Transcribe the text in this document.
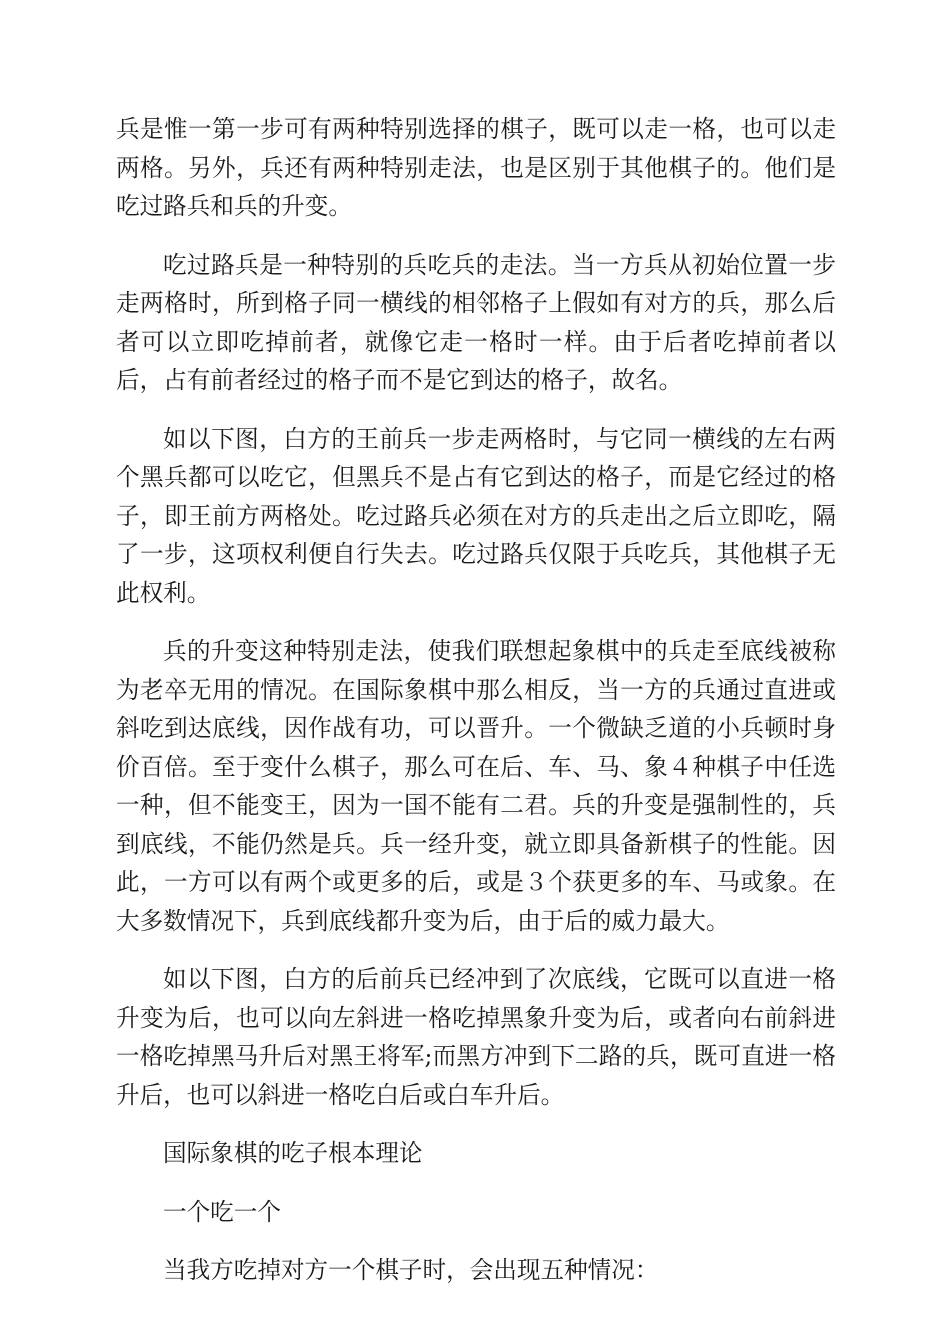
兵是惟一第一步可有两种特别选择的棋子，既可以走一格，也可以走两格。另外，兵还有两种特别走法，也是区别于其他棋子的。他们是吃过路兵和兵的升变。

吃过路兵是一种特别的兵吃兵的走法。当一方兵从初始位置一步走两格时，所到格子同一横线的相邻格子上假如有对方的兵，那么后者可以立即吃掉前者，就像它走一格时一样。由于后者吃掉前者以后，占有前者经过的格子而不是它到达的格子，故名。

如以下图，白方的王前兵一步走两格时，与它同一横线的左右两个黑兵都可以吃它，但黑兵不是占有它到达的格子，而是它经过的格子，即王前方两格处。吃过路兵必须在对方的兵走出之后立即吃，隔了一步，这项权利便自行失去。吃过路兵仅限于兵吃兵，其他棋子无此权利。

兵的升变这种特别走法，使我们联想起象棋中的兵走至底线被称为老卒无用的情况。在国际象棋中那么相反，当一方的兵通过直进或斜吃到达底线，因作战有功，可以晋升。一个微缺乏道的小兵顿时身价百倍。至于变什么棋子，那么可在后、车、马、象４种棋子中任选一种，但不能变王，因为一国不能有二君。兵的升变是强制性的，兵到底线，不能仍然是兵。兵一经升变，就立即具备新棋子的性能。因此，一方可以有两个或更多的后，或是３个获更多的车、马或象。在大多数情况下，兵到底线都升变为后，由于后的威力最大。

如以下图，白方的后前兵已经冲到了次底线，它既可以直进一格升变为后，也可以向左斜进一格吃掉黑象升变为后，或者向右前斜进一格吃掉黑马升后对黑王将军;而黑方冲到下二路的兵，既可直进一格升后，也可以斜进一格吃白后或白车升后。

国际象棋的吃子根本理论

一个吃一个

当我方吃掉对方一个棋子时，会出现五种情况：
